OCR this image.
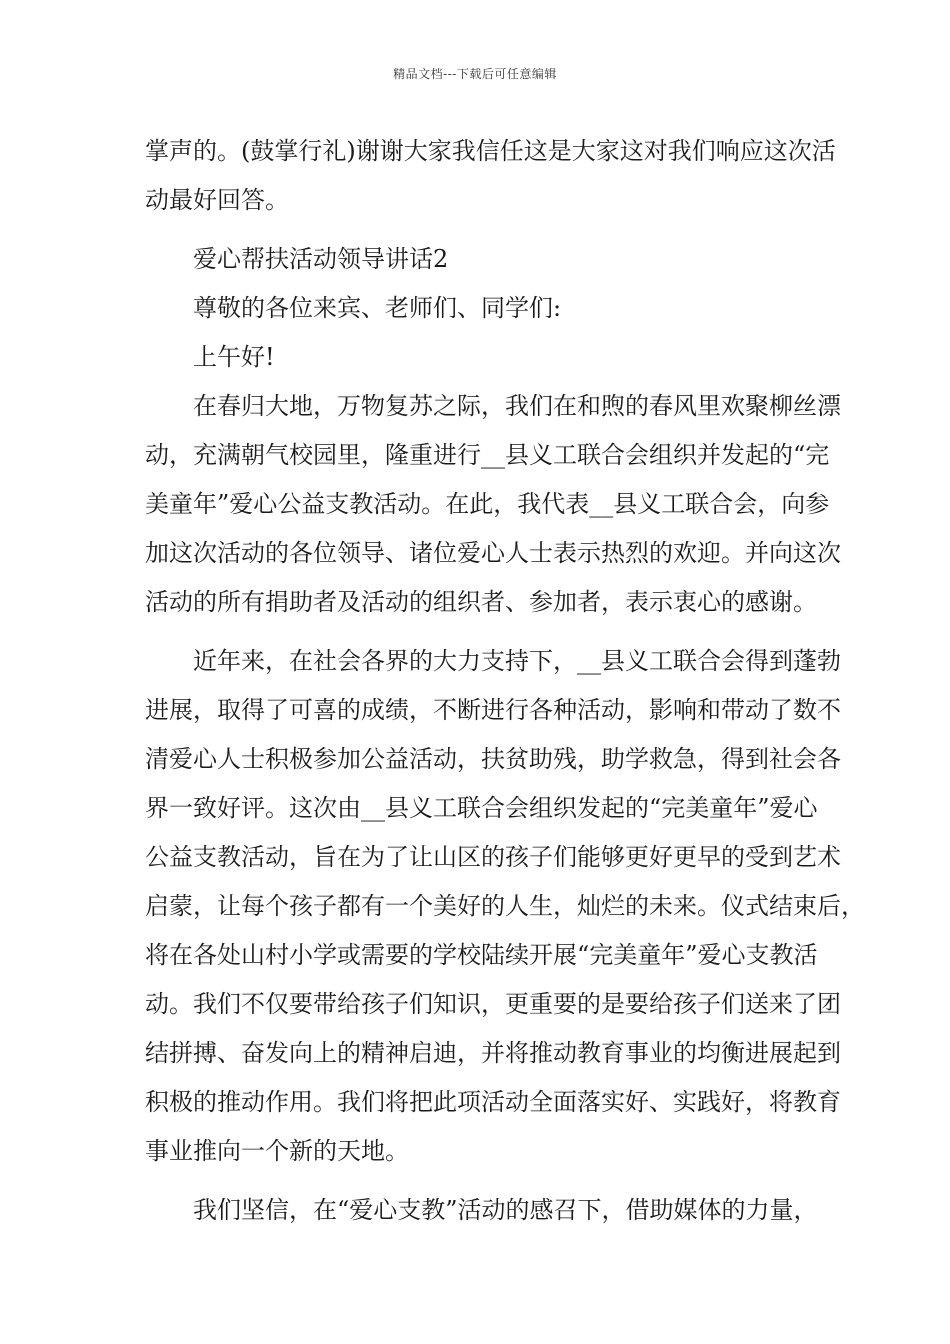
精品文档---下载后可任意编辑
掌声的。(鼓掌行礼)谢谢大家我信任这是大家这对我们响应这次活
动最好回答。
爱心帮扶活动领导讲话2
尊敬的各位来宾、老师们、同学们:
上午好!
在春归大地，万物复苏之际，我们在和煦的春风里欢聚柳丝漂
动，充满朝气校园里，隆重进行__县义工联合会组织并发起的“完
美童年”爱心公益支教活动。在此，我代表__县义工联合会，向参
加这次活动的各位领导、诸位爱心人士表示热烈的欢迎。并向这次
活动的所有捐助者及活动的组织者、参加者，表示衷心的感谢。
近年来，在社会各界的大力支持下，__县义工联合会得到蓬勃
进展，取得了可喜的成绩，不断进行各种活动，影响和带动了数不
清爱心人士积极参加公益活动，扶贫助残，助学救急，得到社会各
界一致好评。这次由__县义工联合会组织发起的“完美童年”爱心
公益支教活动，旨在为了让山区的孩子们能够更好更早的受到艺术
启蒙，让每个孩子都有一个美好的人生，灿烂的未来。仪式结束后，
将在各处山村小学或需要的学校陆续开展“完美童年”爱心支教活
动。我们不仅要带给孩子们知识，更重要的是要给孩子们送来了团
结拼搏、奋发向上的精神启迪，并将推动教育事业的均衡进展起到
积极的推动作用。我们将把此项活动全面落实好、实践好，将教育
事业推向一个新的天地。
我们坚信，在“爱心支教”活动的感召下，借助媒体的力量，
